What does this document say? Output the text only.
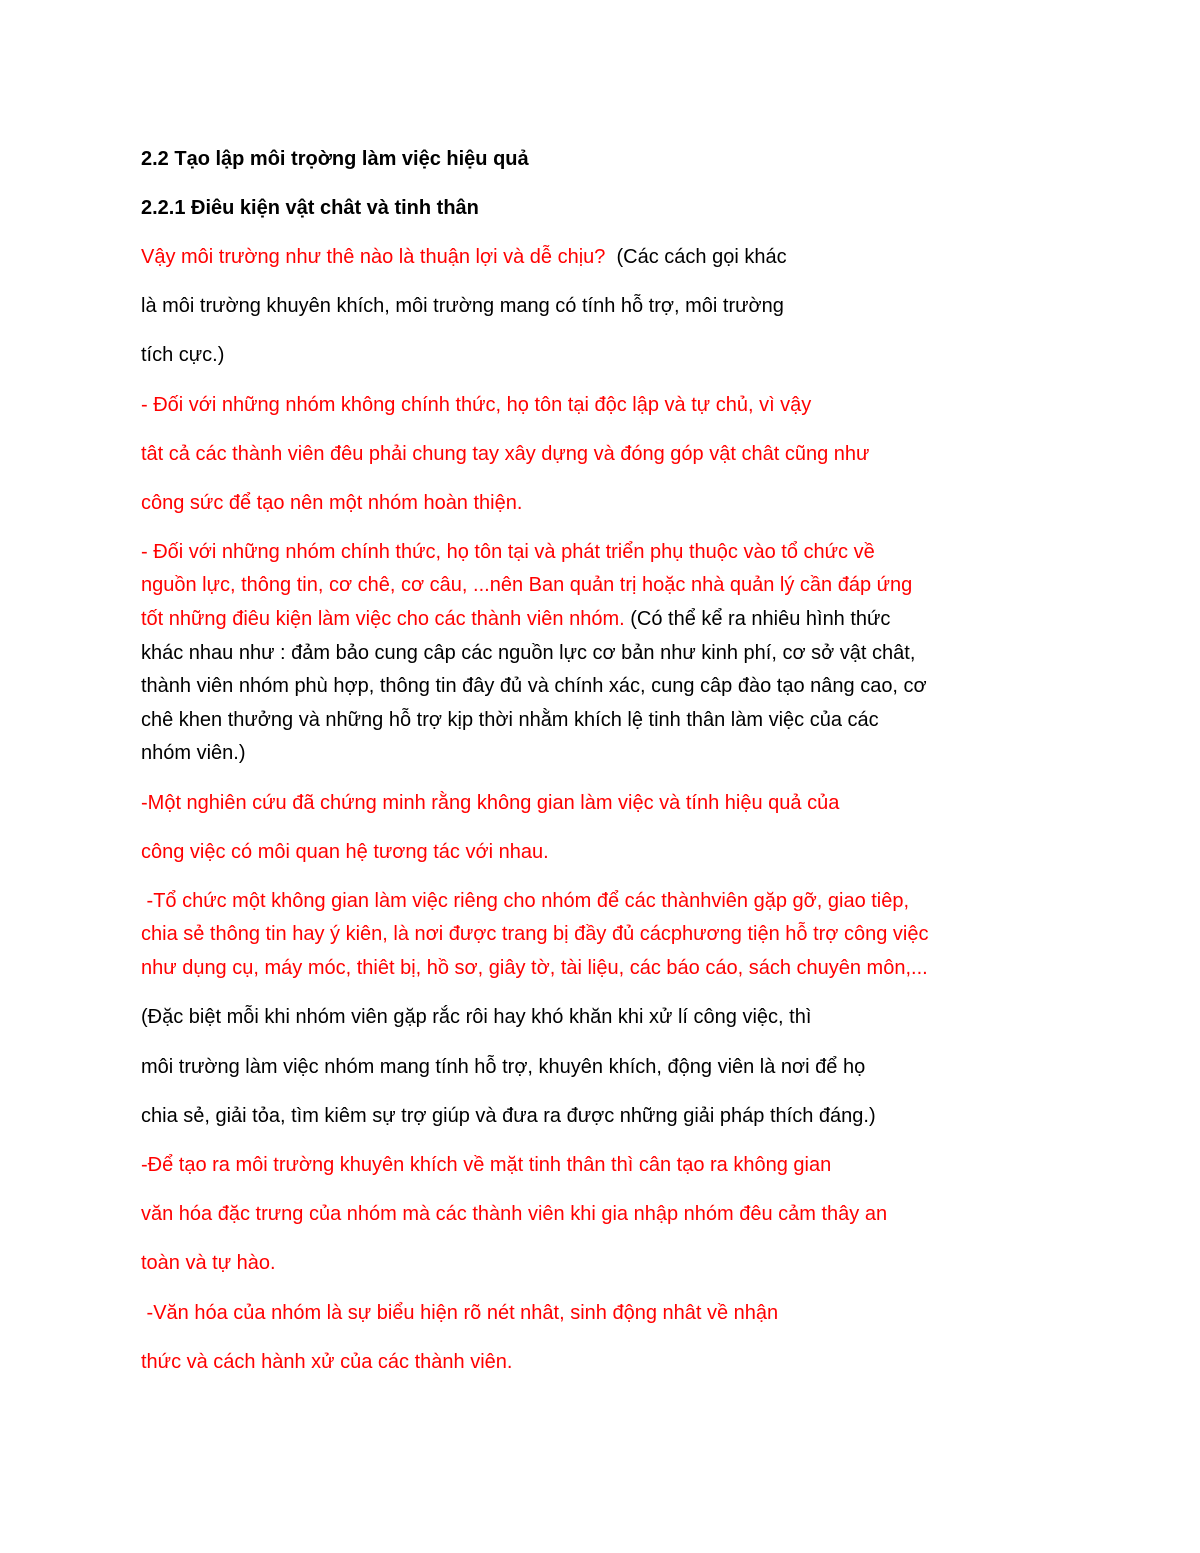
2.2 Tạo lập môi trọờng làm việc hiệu quả
2.2.1 Điêu kiện vật chât và tinh thân
Vậy môi trường như thê nào là thuận lợi và dễ chịu?  (Các cách gọi khác
là môi trường khuyên khích, môi trường mang có tính hỗ trợ, môi trường
tích cực.)
- Đối với những nhóm không chính thức, họ tôn tại độc lập và tự chủ, vì vậy
tât cả các thành viên đêu phải chung tay xây dựng và đóng góp vật chât cũng như
công sức để tạo nên một nhóm hoàn thiện.
- Đối với những nhóm chính thức, họ tôn tại và phát triển phụ thuộc vào tổ chức về
nguồn lực, thông tin, cơ chê, cơ câu, ...nên Ban quản trị hoặc nhà quản lý cần đáp ứng
tốt những điêu kiện làm việc cho các thành viên nhóm. (Có thể kể ra nhiêu hình thức
khác nhau như : đảm bảo cung câp các nguồn lực cơ bản như kinh phí, cơ sở vật chât,
thành viên nhóm phù hợp, thông tin đây đủ và chính xác, cung câp đào tạo nâng cao, cơ
chê khen thưởng và những hỗ trợ kịp thời nhằm khích lệ tinh thân làm việc của các
nhóm viên.)
-Một nghiên cứu đã chứng minh rằng không gian làm việc và tính hiệu quả của
công việc có môi quan hệ tương tác với nhau.
-Tổ chức một không gian làm việc riêng cho nhóm để các thànhviên gặp gỡ, giao tiêp,
chia sẻ thông tin hay ý kiên, là nơi được trang bị đầy đủ cácphương tiện hỗ trợ công việc
như dụng cụ, máy móc, thiêt bị, hồ sơ, giây tờ, tài liệu, các báo cáo, sách chuyên môn,...
(Đặc biệt mỗi khi nhóm viên gặp rắc rôi hay khó khăn khi xử lí công việc, thì
môi trường làm việc nhóm mang tính hỗ trợ, khuyên khích, động viên là nơi để họ
chia sẻ, giải tỏa, tìm kiêm sự trợ giúp và đưa ra được những giải pháp thích đáng.)
-Để tạo ra môi trường khuyên khích về mặt tinh thân thì cân tạo ra không gian
văn hóa đặc trưng của nhóm mà các thành viên khi gia nhập nhóm đêu cảm thây an
toàn và tự hào.
-Văn hóa của nhóm là sự biểu hiện rõ nét nhât, sinh động nhât về nhận
thức và cách hành xử của các thành viên.
